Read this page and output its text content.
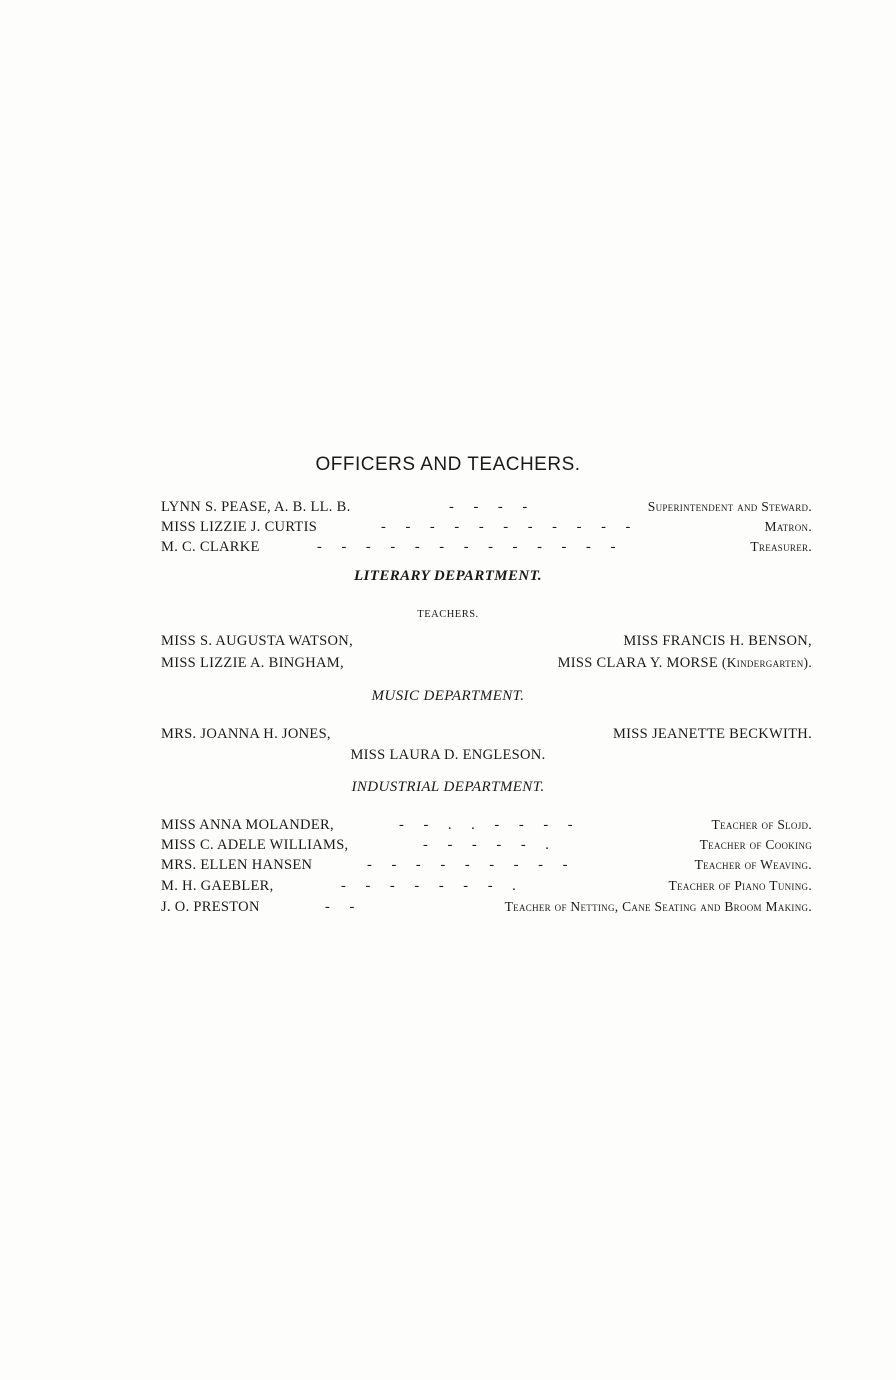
OFFICERS AND TEACHERS.
LYNN S. PEASE, A. B. LL. B.	- - - -	Superintendent and Steward.
MISS LIZZIE J. CURTIS	- - - - - - - - - - -	Matron.
M. C. CLARKE	- - - - - - - - - - - - -	Treasurer.
LITERARY DEPARTMENT.
TEACHERS.
MISS S. AUGUSTA WATSON,	MISS FRANCIS H. BENSON,
MISS LIZZIE A. BINGHAM,	MISS CLARA Y. MORSE (Kindergarten).
MUSIC DEPARTMENT.
MRS. JOANNA H. JONES,	MISS JEANETTE BECKWITH.
MISS LAURA D. ENGLESON.
INDUSTRIAL DEPARTMENT.
MISS ANNA MOLANDER,	- - . . - - - -	Teacher of Slojd.
MISS C. ADELE WILLIAMS,	- - - - - .	Teacher of Cooking
MRS. ELLEN HANSEN	- - - - - - - - -	Teacher of Weaving.
M. H. GAEBLER,	- - - - - - - .	Teacher of Piano Tuning.
J. O. PRESTON	- -	Teacher of Netting, Cane Seating and Broom Making.
